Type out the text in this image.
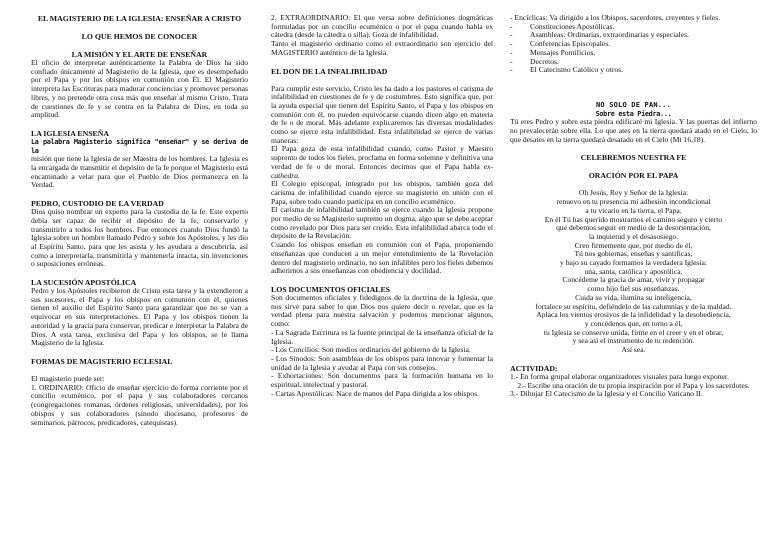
EL MAGISTERIO DE LA IGLESIA: ENSEÑAR A CRISTO
LO QUE HEMOS DE CONOCER
LA MISIÓN Y EL ARTE DE ENSEÑAR

El oficio de interpretar auténticamente la Palabra de Dios ha sido confiado únicamente al Magisterio de la Iglesia, que es desempeñado por el Papa y por los obispos en comunión con Él. El Magisterio interpreta las Escrituras para madurar conciencias y promover personas libres, y no pretende otra cosa más que enseñar al mismo Cristo. Trata de cuestiones de fe y se centra en la Palabra de Dios, en toda su amplitud.

LA IGLESIA ENSEÑA

La palabra Magisterio significa "enseñar" y se deriva de la

misión que tiene la Iglesia de ser Maestra de los hombres. La Iglesia es la encargada de transmitir el depósito de la fe porque el Magisterio está encaminado a velar para que el Pueblo de Dios permanezca en la Verdad.

PEDRO, CUSTODIO DE LA VERDAD

Dios quiso nombrar un experto para la custodia de la fe. Este experto debía ser capaz de recibir el depósito de la fe, conservarlo y transmitirlo a todos los hombres. Fue entonces cuando Dios fundó la Iglesia sobre un hombre llamado Pedro y sobre los Apóstoles, y les dio al Espíritu Santo, para que les asista y les ayudara a descubrirla, así como a interpretarla, transmitirla y mantenerla intacta, sin invenciones o suposiciones erróneas.

LA SUCESIÓN APOSTÓLICA

Pedro y los Apóstoles recibieron de Cristo esta tarea y la extendieron a sus sucesores, el Papa y los obispos en comunión con él, quienes tienen el auxilio del Espíritu Santo para garantizar que no se van a equivocar en sus interpretaciones. El Papa y los obispos tienen la autoridad y la gracia para conservar, predicar e interpretar la Palabra de Dios. A esta tarea, exclusiva del Papa y los obispos, se le llama Magisterio de la Iglesia.

FORMAS DE MAGISTERIO ECLESIAL

El magisterio puede ser:

1. ORDINARIO: Oficio de enseñar ejercicio de forma corriente por el concilio ecuménico, por el papa y sus colaboradores cercanos (congregaciones romanas, órdenes religiosas, universidades), por los obispos y sus colaboradores (sínodo diocesano, profesores de seminarios, párrocos, predicadores, catequistas).

2. EXTRAORDINARIO: El que versa sobre definiciones dogmáticas formuladas por un concilio ecuménico o por el papa cuando habla ex cátedra (desde la cátedra o silla). Goza de infalibilidad.

Tanto el magisterio ordinario como el extraordinario son ejercicio del MAGISTERIO auténtico de la Iglesia.

EL DON DE LA INFALIBILIDAD

Para cumplir este servicio, Cristo les ha dado a los pastores el carisma de infalibilidad en cuestiones de fe y de costumbres. Esto significa que, por la ayuda especial que tienen del Espíritu Santo, el Papa y los obispos en comunión con él, no pueden equivocarse cuando dicen algo en materia de fe o de moral. Más adelante explicaremos las diversas modalidades como se ejerce esta infalibilidad. Esta infalibilidad se ejerce de varias maneras:

El Papa goza de esta infalibilidad cuando, como Pastor y Maestro supremo de todos los fieles, proclama en forma solemne y definitiva una verdad de fe o de moral. Entonces decimos que el Papa habla ex-cathedra.

El Colegio episcopal, integrado por los obispos, también goza del carisma de infalibilidad cuando ejerce su magisterio en unión con el Papa, sobre todo cuando participa en un concilio ecuménico.

El carisma de infalibilidad también se ejerce cuando la Iglesia propone por medio de su Magisterio supremo un dogma, algo que se debe aceptar como revelado por Dios para ser creído. Esta infalibilidad abarca todo el depósito de la Revelación.

Cuando los obispos enseñan en comunión con el Papa, proponiendo enseñanzas que conducen a un mejor entendimiento de la Revelación dentro del magisterio ordinario, no son infalibles pero los fieles debemos adherirnos a sus enseñanzas con obediencia y docilidad.

LOS DOCUMENTOS OFICIALES

Son documentos oficiales y fidedignos de la doctrina de la Iglesia, que nos sirve para saber lo que Dios nos quiere decir o revelar, que es la verdad plena para nuestra salvación y podemos mencionar algunos, como:

- La Sagrada Escritura es la fuente principal de la enseñanza oficial de la Iglesia.

- Los Concilios: Son medios ordinarios del gobierno de la Iglesia.

- Los Sínodos: Son asambleas de los obispos para innovar y fomentar la unidad de la Iglesia y ayudar al Papa con sus consejos.

- Exhortaciones: Son documentos para la formación humana en lo espiritual, intelectual y pastoral.

- Cartas Apostólicas: Nace de manos del Papa dirigida a los obispos.

- Encíclicas: Va dirigido a los Obispos, sacerdotes, creyentes y fieles.

- Constituciones Apostólicas.
- Asambleas: Ordinarias, extraordinarias y especiales.
- Conferencias Episcopales.
- Mensajes Pontificios.
- Decretos.
- El Catecismo Católico y otros.

NO SOLO DE PAN...

Sobre esta Piedra...

Tú eres Pedro y sobre esta piedra edificaré mi Iglesia. Y las puertas del infierno no prevalecerán sobre ella. Lo que ates en la tierra quedará atado en el Cielo, lo que desates en la tierra quedará desatado en el Cielo (Mt 16,18).

CELEBREMOS NUESTRA FE
ORACIÓN POR EL PAPA

Oh Jesús, Rey y Señor de la Iglesia:

renuevo en tu presencia mi adhesión incondicional

a tu vicario en la tierra, el Papa.

En él Tú has querido mostrarnos el camino seguro y cierto

que debemos seguir en medio de la desorientación,

la inquietud y el desasosiego.

Creo firmemente que, por medio de él,

Tú nos gobiernas, enseñas y santificas,

y bajo su cayado formamos la verdadera Iglesia:

una, santa, católica y apostólica.

Concédeme la gracia de amar, vivir y propagar

como hijo fiel sus enseñanzas.

Cuida su vida, ilumina su inteligencia,

fortalece su espíritu, defiéndelo de las calumnias y de la maldad.

Aplaca los vientos erosivos de la infidelidad y la desobediencia,

y concédenos que, en torno a él,

tu Iglesia se conserve unida, firme en el creer y en el obrar,

y sea así el instrumento de tu redención.

Así sea.

ACTIVIDAD:

1.- En forma grupal elaborar organizadores visuales para luego exponer.

2.- Escribe una oración de tu propia inspiración por el Papa y los sacerdotes.

3.- Dibujar El Catecismo de la Iglesia y el Concilio Vaticano II.
